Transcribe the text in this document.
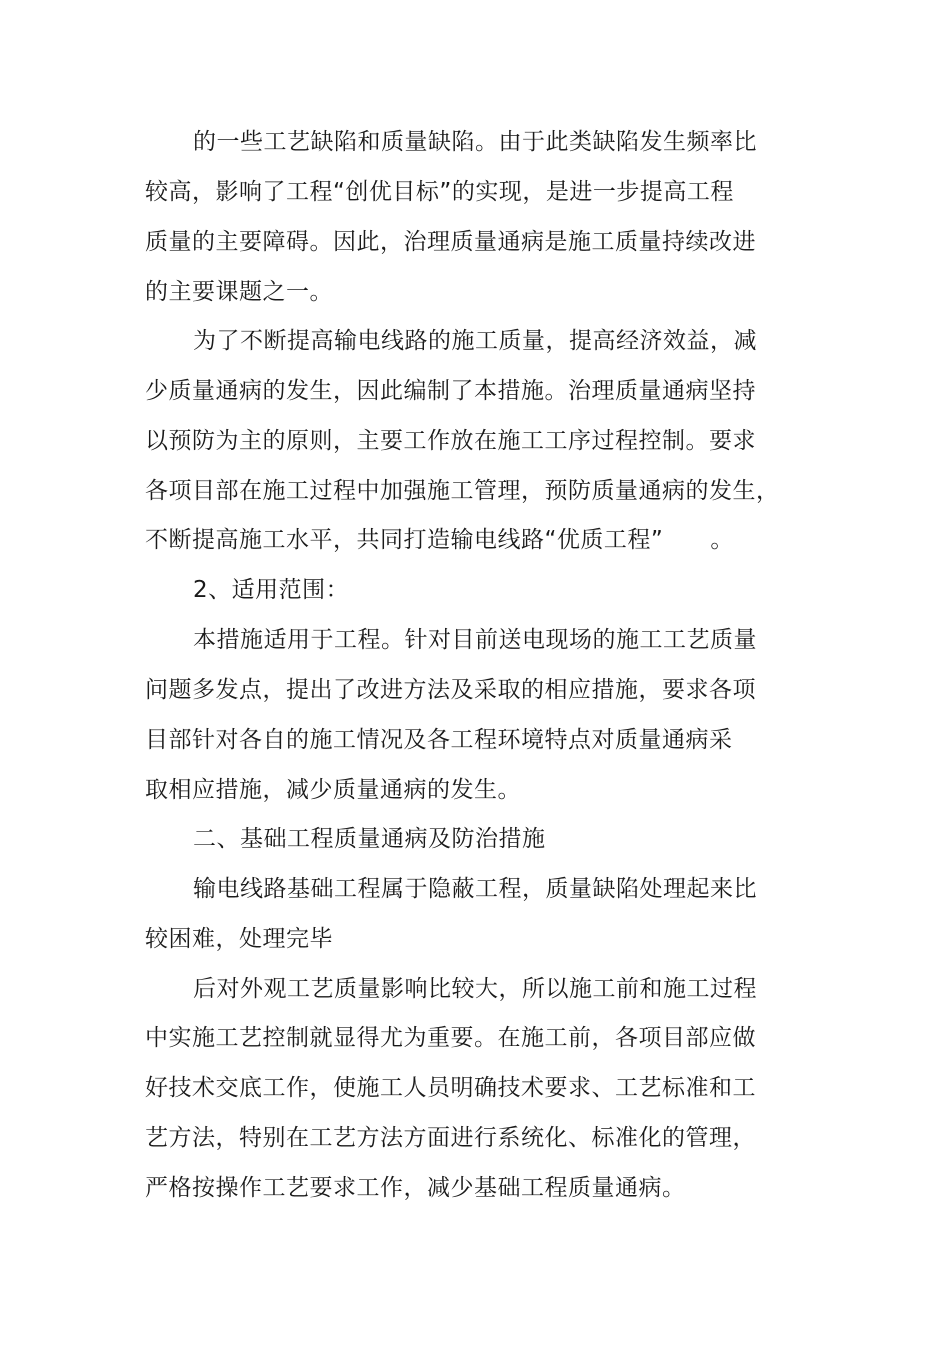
的一些工艺缺陷和质量缺陷。由于此类缺陷发生频率比
较高，影响了工程“创优目标”的实现，是进一步提高工程
质量的主要障碍。因此，治理质量通病是施工质量持续改进
的主要课题之一。
为了不断提高输电线路的施工质量，提高经济效益，减
少质量通病的发生，因此编制了本措施。治理质量通病坚持
以预防为主的原则，主要工作放在施工工序过程控制。要求
各项目部在施工过程中加强施工管理，预防质量通病的发生，
不断提高施工水平，共同打造输电线路“优质工程”　　。
2、适用范围：
本措施适用于工程。针对目前送电现场的施工工艺质量
问题多发点，提出了改进方法及采取的相应措施，要求各项
目部针对各自的施工情况及各工程环境特点对质量通病采
取相应措施，减少质量通病的发生。
二、基础工程质量通病及防治措施
输电线路基础工程属于隐蔽工程，质量缺陷处理起来比
较困难，处理完毕
后对外观工艺质量影响比较大，所以施工前和施工过程
中实施工艺控制就显得尤为重要。在施工前，各项目部应做
好技术交底工作，使施工人员明确技术要求、工艺标准和工
艺方法，特别在工艺方法方面进行系统化、标准化的管理，
严格按操作工艺要求工作，减少基础工程质量通病。
